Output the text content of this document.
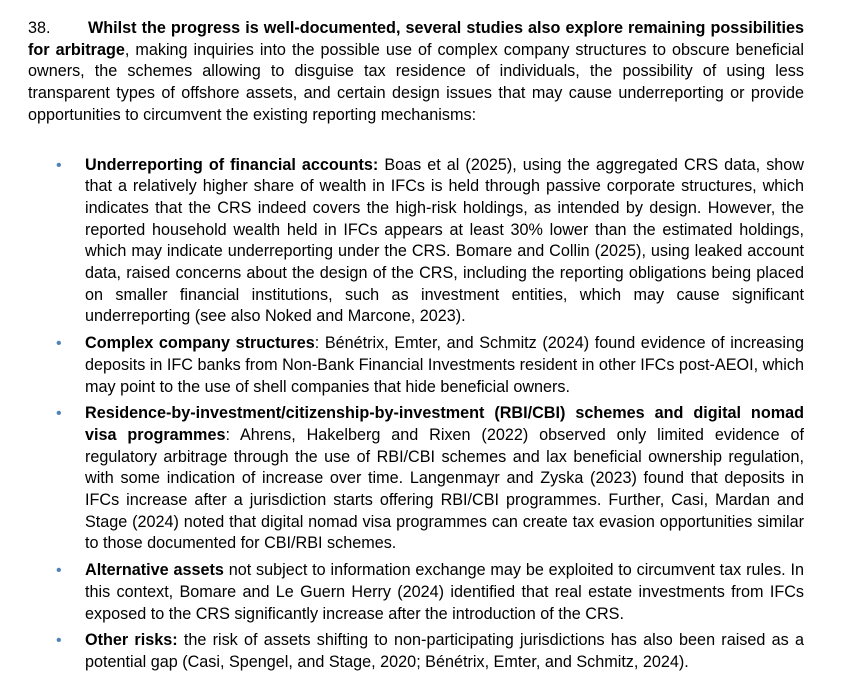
38. Whilst the progress is well-documented, several studies also explore remaining possibilities for arbitrage, making inquiries into the possible use of complex company structures to obscure beneficial owners, the schemes allowing to disguise tax residence of individuals, the possibility of using less transparent types of offshore assets, and certain design issues that may cause underreporting or provide opportunities to circumvent the existing reporting mechanisms:

• Underreporting of financial accounts: Boas et al (2025), using the aggregated CRS data, show that a relatively higher share of wealth in IFCs is held through passive corporate structures, which indicates that the CRS indeed covers the high-risk holdings, as intended by design. However, the reported household wealth held in IFCs appears at least 30% lower than the estimated holdings, which may indicate underreporting under the CRS. Bomare and Collin (2025), using leaked account data, raised concerns about the design of the CRS, including the reporting obligations being placed on smaller financial institutions, such as investment entities, which may cause significant underreporting (see also Noked and Marcone, 2023).
• Complex company structures: Bénétrix, Emter, and Schmitz (2024) found evidence of increasing deposits in IFC banks from Non-Bank Financial Investments resident in other IFCs post-AEOI, which may point to the use of shell companies that hide beneficial owners.
• Residence-by-investment/citizenship-by-investment (RBI/CBI) schemes and digital nomad visa programmes: Ahrens, Hakelberg and Rixen (2022) observed only limited evidence of regulatory arbitrage through the use of RBI/CBI schemes and lax beneficial ownership regulation, with some indication of increase over time. Langenmayr and Zyska (2023) found that deposits in IFCs increase after a jurisdiction starts offering RBI/CBI programmes. Further, Casi, Mardan and Stage (2024) noted that digital nomad visa programmes can create tax evasion opportunities similar to those documented for CBI/RBI schemes.
• Alternative assets not subject to information exchange may be exploited to circumvent tax rules. In this context, Bomare and Le Guern Herry (2024) identified that real estate investments from IFCs exposed to the CRS significantly increase after the introduction of the CRS.
• Other risks: the risk of assets shifting to non-participating jurisdictions has also been raised as a potential gap (Casi, Spengel, and Stage, 2020; Bénétrix, Emter, and Schmitz, 2024).
